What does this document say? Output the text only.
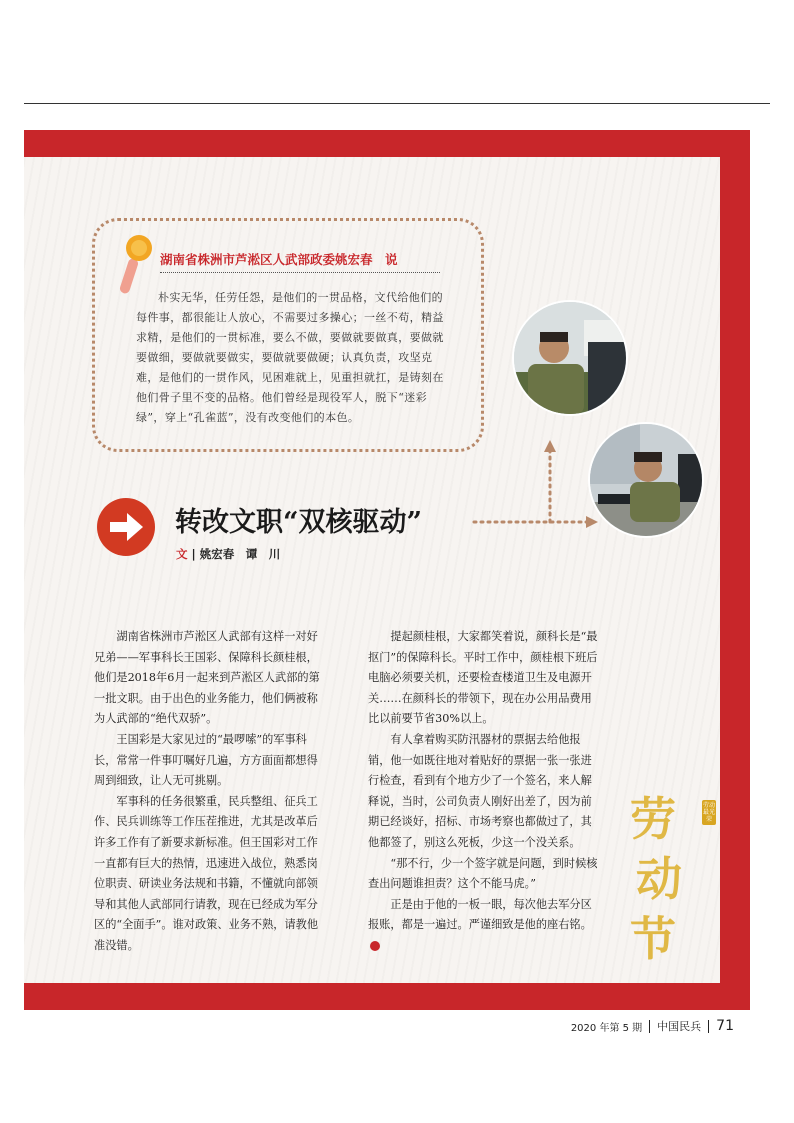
湖南省株洲市芦淞区人武部政委姚宏春　说
朴实无华，任劳任怨，是他们的一贯品格，文代给他们的每件事，都很能让人放心，不需要过多操心；一丝不苟，精益求精，是他们的一贯标准，要么不做，要做就要做真，要做就要做细，要做就要做实，要做就要做硬；认真负责，攻坚克难，是他们的一贯作风，见困难就上，见重担就扛，是铸刻在他们骨子里不变的品格。他们曾经是现役军人，脱下“迷彩绿”，穿上“孔雀蓝”，没有改变他们的本色。
转改文职“双核驱动”
文 | 姚宏春　谭　川

湖南省株洲市芦淞区人武部有这样一对好兄弟——军事科长王国彩、保障科长颜桂根，他们是2018年6月一起来到芦淞区人武部的第一批文职。由于出色的业务能力，他们俩被称为人武部的“绝代双骄”。

王国彩是大家见过的“最啰嗦”的军事科长，常常一件事叮嘱好几遍，方方面面都想得周到细致，让人无可挑剔。

军事科的任务很繁重，民兵整组、征兵工作、民兵训练等工作压茬推进，尤其是改革后许多工作有了新要求新标准。但王国彩对工作一直都有巨大的热情，迅速进入战位，熟悉岗位职责、研读业务法规和书籍，不懂就向部领导和其他人武部同行请教，现在已经成为军分区的“全面手”。谁对政策、业务不熟，请教他准没错。

提起颜桂根，大家都笑着说，颜科长是“最抠门”的保障科长。平时工作中，颜桂根下班后电脑必须要关机，还要检查楼道卫生及电源开关……在颜科长的带领下，现在办公用品费用比以前要节省30%以上。

有人拿着购买防汛器材的票据去给他报销，他一如既往地对着贴好的票据一张一张进行检查，看到有个地方少了一个签名，来人解释说，当时，公司负责人刚好出差了，因为前期已经谈好，招标、市场考察也都做过了，其他都签了，别这么死板，少这一个没关系。

“那不行，少一个签字就是问题，到时候核查出问题谁担责？这个不能马虎。”

正是由于他的一板一眼，每次他去军分区报账，都是一遍过。严谨细致是他的座右铭。

劳
动
节
劳动最光荣
2020 年第 5 期 中国民兵 71
